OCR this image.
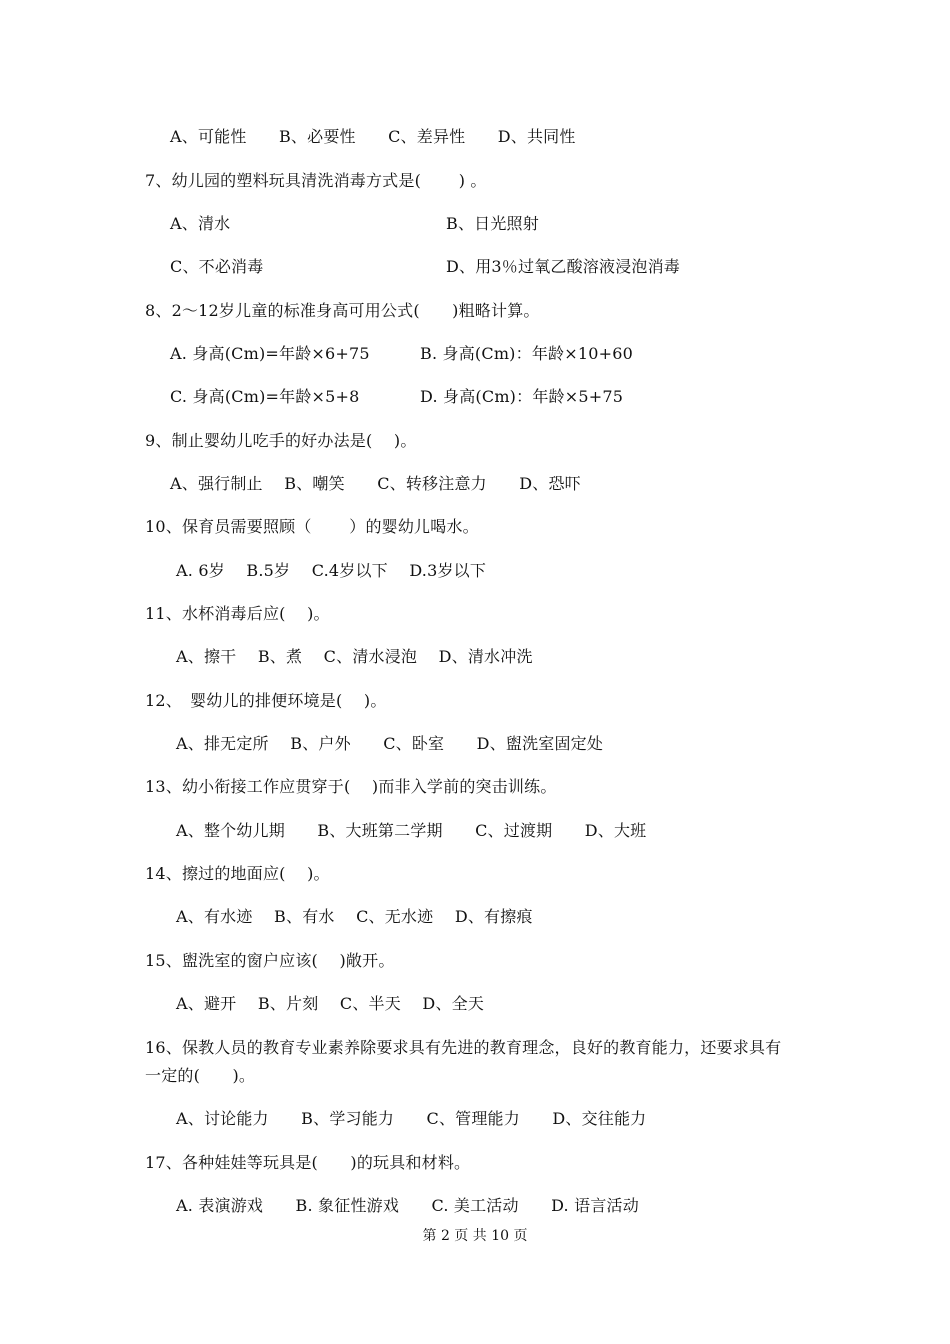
A、可能性　　B、必要性　　C、差异性　　D、共同性
7、幼儿园的塑料玩具清洗消毒方式是(　　 ) 。
A、清水	B、日光照射
C、不必消毒	D、用3％过氧乙酸溶液浸泡消毒
8、2～12岁儿童的标准身高可用公式(　　)粗略计算。
A. 身高(Cm)=年龄×6+75	B. 身高(Cm)：年龄×10+60
C. 身高(Cm)=年龄×5+8	D. 身高(Cm)：年龄×5+75
9、制止婴幼儿吃手的好办法是(　 )。
A、强行制止　 B、嘲笑　　C、转移注意力　　D、恐吓
10、保育员需要照顾（　　 ）的婴幼儿喝水。
A. 6岁　 B.5岁　 C.4岁以下　 D.3岁以下
11、水杯消毒后应(　 )。
A、擦干　 B、煮　 C、清水浸泡　 D、清水冲洗
12、　婴幼儿的排便环境是(　 )。
A、排无定所　 B、户外　　C、卧室　　D、盥洗室固定处
13、幼小衔接工作应贯穿于(　 )而非入学前的突击训练。
A、整个幼儿期　　B、大班第二学期　　C、过渡期　　D、大班
14、擦过的地面应(　 )。
A、有水迹　 B、有水　 C、无水迹　 D、有擦痕
15、盥洗室的窗户应该(　 )敞开。
A、避开　 B、片刻　 C、半天　 D、全天
16、保教人员的教育专业素养除要求具有先进的教育理念，良好的教育能力，还要求具有
一定的(　　)。
A、讨论能力　　B、学习能力　　C、管理能力　　D、交往能力
17、各种娃娃等玩具是(　　)的玩具和材料。
A. 表演游戏　　B. 象征性游戏　　C. 美工活动　　D. 语言活动
第 2 页 共 10 页
